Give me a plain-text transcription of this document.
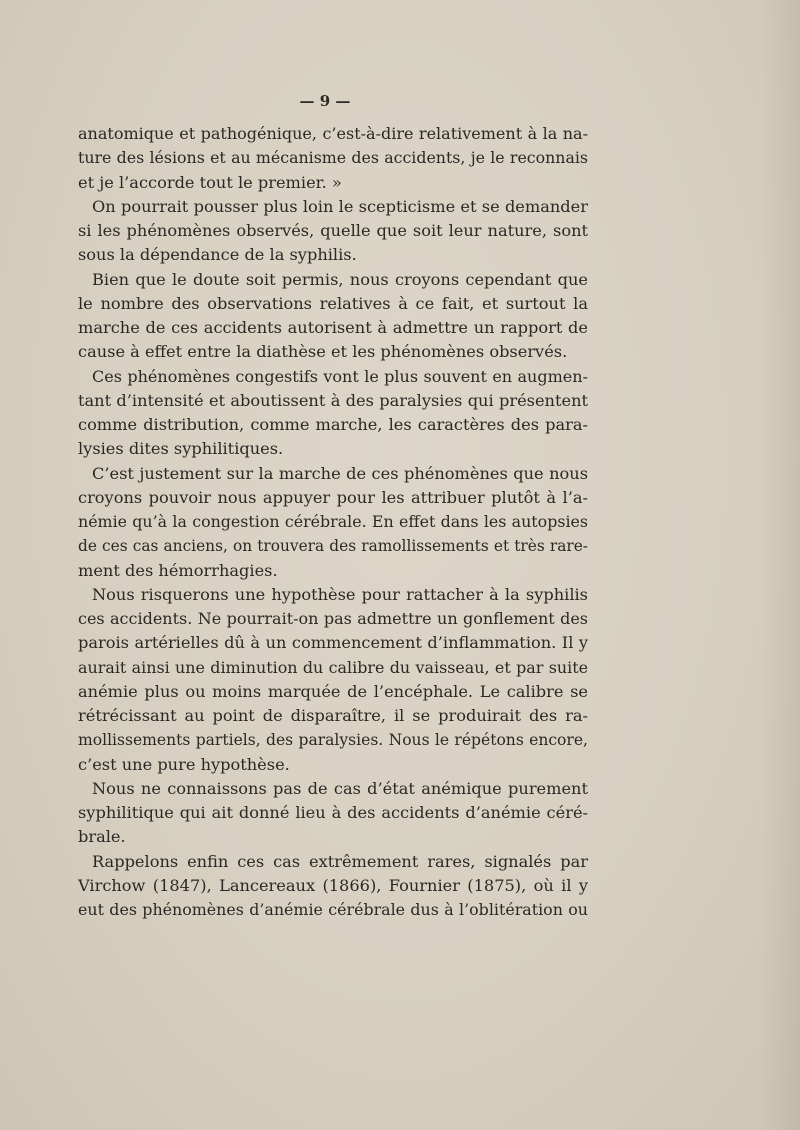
— 9 —
anatomique et pathogénique, c’est-à-dire relativement à la na-
ture des lésions et au mécanisme des accidents, je le reconnais
et je l’accorde tout le premier. »
On pourrait pousser plus loin le scepticisme et se demander
si les phénomènes observés, quelle que soit leur nature, sont
sous la dépendance de la syphilis.
Bien que le doute soit permis, nous croyons cependant que
le nombre des observations relatives à ce fait, et surtout la
marche de ces accidents autorisent à admettre un rapport de
cause à effet entre la diathèse et les phénomènes observés.
Ces phénomènes congestifs vont le plus souvent en augmen-
tant d’intensité et aboutissent à des paralysies qui présentent
comme distribution, comme marche, les caractères des para-
lysies dites syphilitiques.
C’est justement sur la marche de ces phénomènes que nous
croyons pouvoir nous appuyer pour les attribuer plutôt à l’a-
némie qu’à la congestion cérébrale. En effet dans les autopsies
de ces cas anciens, on trouvera des ramollissements et très rare-
ment des hémorrhagies.
Nous risquerons une hypothèse pour rattacher à la syphilis
ces accidents. Ne pourrait-on pas admettre un gonflement des
parois artérielles dû à un commencement d’inflammation. Il y
aurait ainsi une diminution du calibre du vaisseau, et par suite
anémie plus ou moins marquée de l’encéphale. Le calibre se
rétrécissant au point de disparaître, il se produirait des ra-
mollissements partiels, des paralysies. Nous le répétons encore,
c’est une pure hypothèse.
Nous ne connaissons pas de cas d’état anémique purement
syphilitique qui ait donné lieu à des accidents d’anémie céré-
brale.
Rappelons enfin ces cas extrêmement rares, signalés par
Virchow (1847), Lancereaux (1866), Fournier (1875), où il y
eut des phénomènes d’anémie cérébrale dus à l’oblitération ou
